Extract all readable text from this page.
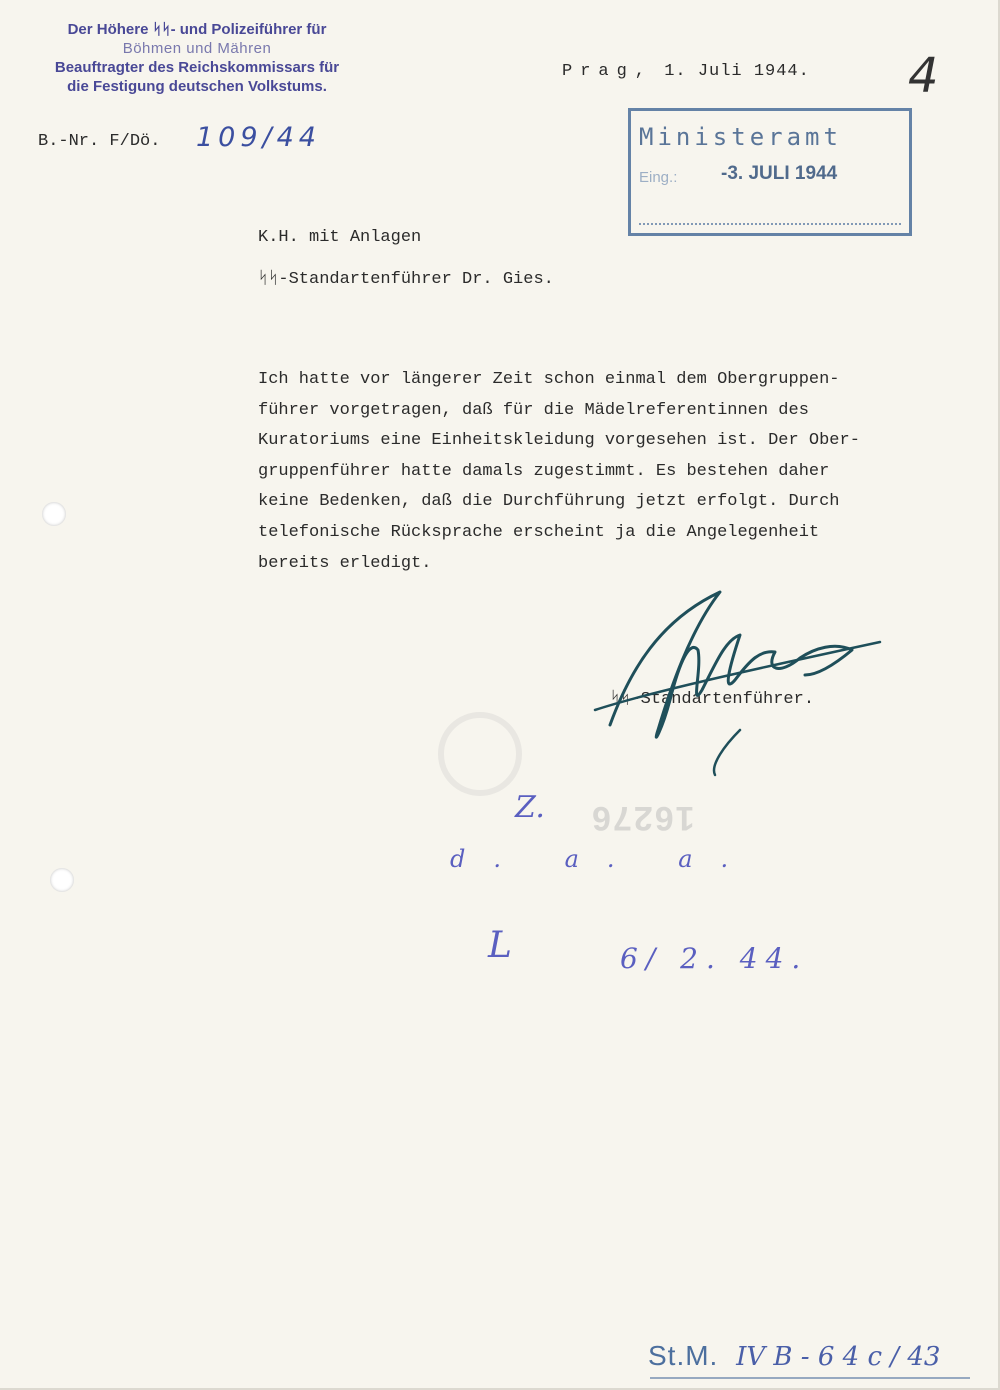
Der Höhere ᛋᛋ- und Polizeiführer für
Böhmen und Mähren
Beauftragter des Reichskommissars für
die Festigung deutschen Volkstums.
B.-Nr. F/Dö. 109/44
Prag, 1. Juli 1944. 4
Ministeramt
Eing.: -3. JULI 1944
K.H. mit Anlagen
ᛋᛋ-Standartenführer Dr. Gies.
Ich hatte vor längerer Zeit schon einmal dem Obergruppen-
führer vorgetragen, daß für die Mädelreferentinnen des
Kuratoriums eine Einheitskleidung vorgesehen ist. Der Ober-
gruppenführer hatte damals zugestimmt. Es bestehen daher
keine Bedenken, daß die Durchführung jetzt erfolgt. Durch
telefonische Rücksprache erscheint ja die Angelegenheit
bereits erledigt.
16276
ᛋᛋ-Standartenführer.
Z.
d. a. a.
L	6/ 2. 44.
St.M. IV B - 6 4 c / 43
